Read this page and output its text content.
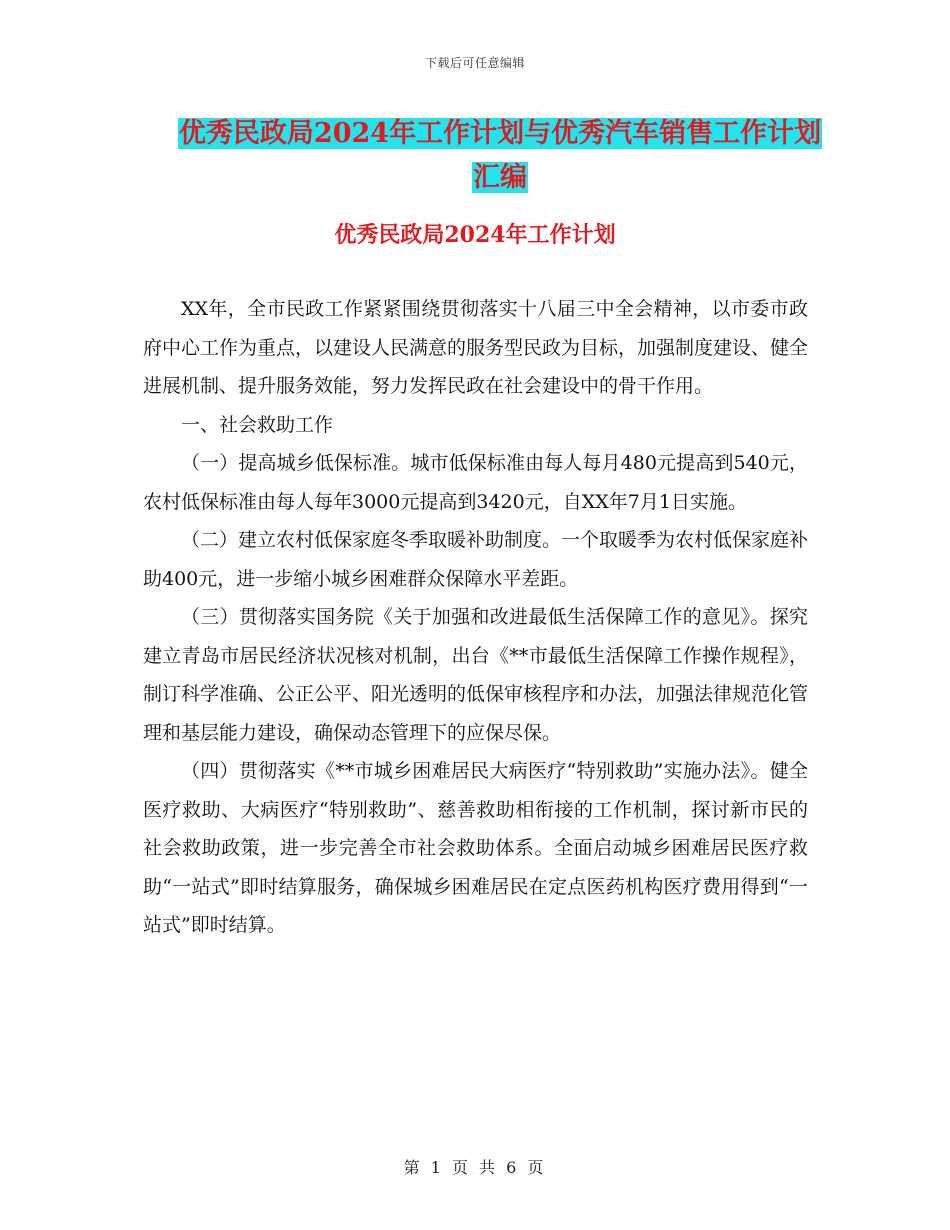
下载后可任意编辑
优秀民政局2024年工作计划与优秀汽车销售工作计划
汇编
优秀民政局2024年工作计划

XX年，全市民政工作紧紧围绕贯彻落实十八届三中全会精神，以市委市政府中心工作为重点，以建设人民满意的服务型民政为目标，加强制度建设、健全进展机制、提升服务效能，努力发挥民政在社会建设中的骨干作用。

一、社会救助工作

（一）提高城乡低保标准。城市低保标准由每人每月480元提高到540元，农村低保标准由每人每年3000元提高到3420元，自XX年7月1日实施。

（二）建立农村低保家庭冬季取暖补助制度。一个取暖季为农村低保家庭补助400元，进一步缩小城乡困难群众保障水平差距。

（三）贯彻落实国务院《关于加强和改进最低生活保障工作的意见》。探究建立青岛市居民经济状况核对机制，出台《**市最低生活保障工作操作规程》，制订科学准确、公正公平、阳光透明的低保审核程序和办法，加强法律规范化管理和基层能力建设，确保动态管理下的应保尽保。

（四）贯彻落实《**市城乡困难居民大病医疗“特别救助”实施办法》。健全医疗救助、大病医疗“特别救助”、慈善救助相衔接的工作机制，探讨新市民的社会救助政策，进一步完善全市社会救助体系。全面启动城乡困难居民医疗救助“一站式”即时结算服务，确保城乡困难居民在定点医药机构医疗费用得到“一站式”即时结算。

第 1 页 共 6 页
